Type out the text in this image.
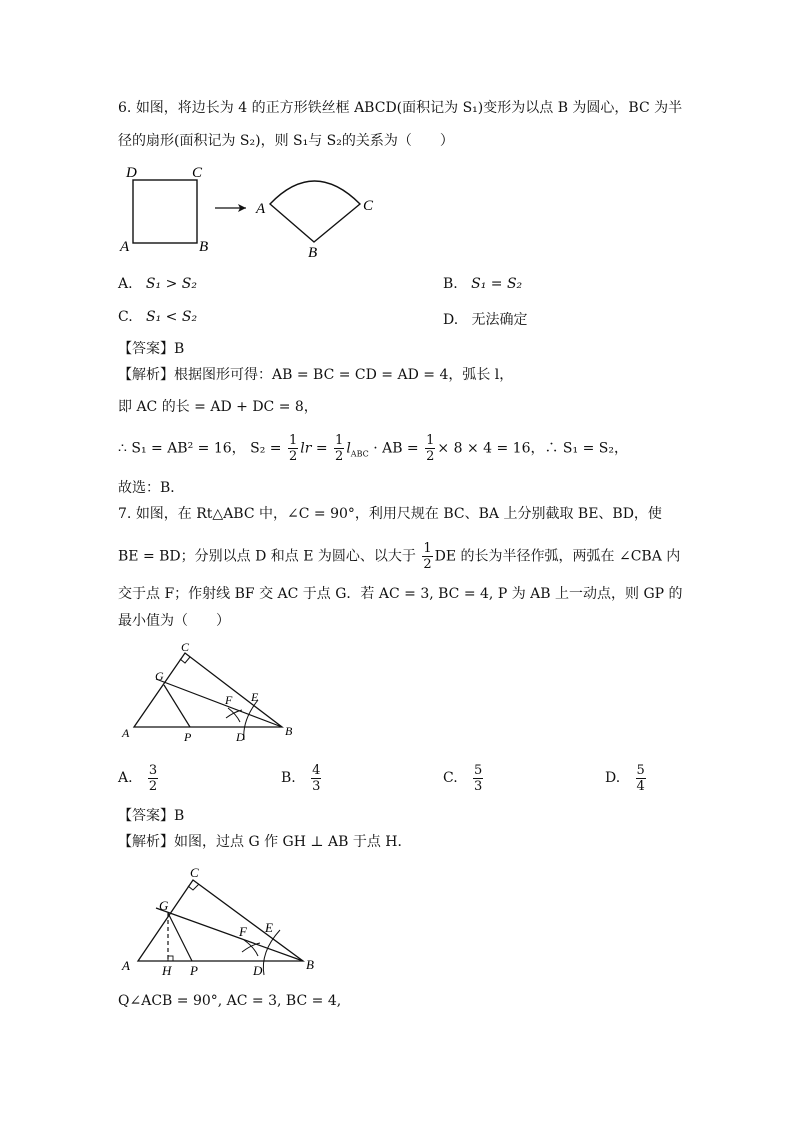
6. 如图，将边长为 4 的正方形铁丝框 ABCD(面积记为 S₁)变形为以点 B 为圆心，BC 为半
径的扇形(面积记为 S₂)，则 S₁与 S₂的关系为（　　）
D	C
A	B
A	C
B
A. S₁ > S₂	B. S₁ = S₂
C. S₁ < S₂	D. 无法确定
【答案】B
【解析】根据图形可得：AB = BC = CD = AD = 4，弧长 l，
即 AC 的长 = AD + DC = 8，
∴ S₁ = AB² = 16， $S_2 = \frac{1}{2}$ lr = $\frac{1}{2} l_{ABC}$ · AB = $\frac{1}{2} \times 8 \times 4 = 16$，∴ S₁ = S₂，
故选：B．
7. 如图，在 Rt△ABC 中，∠C = 90°，利用尺规在 BC、BA 上分别截取 BE、BD，使
BE = BD；分别以点 D 和点 E 为圆心、以大于 $\frac{1}{2}$ DE 的长为半径作弧，两弧在 ∠CBA 内
交于点 F；作射线 BF 交 AC 于点 G．若 AC = 3, BC = 4, P 为 AB 上一动点，则 GP 的
最小值为（　　）
C
G
F E
A	P	D	B
A. $\frac{3}{2}$	B. $\frac{4}{3}$	C. $\frac{5}{3}$	D. $\frac{5}{4}$
【答案】B
【解析】如图，过点 G 作 GH ⊥ AB 于点 H．
C
G
F E
A H P	D	B
Q∠ACB = 90°, AC = 3, BC = 4,
